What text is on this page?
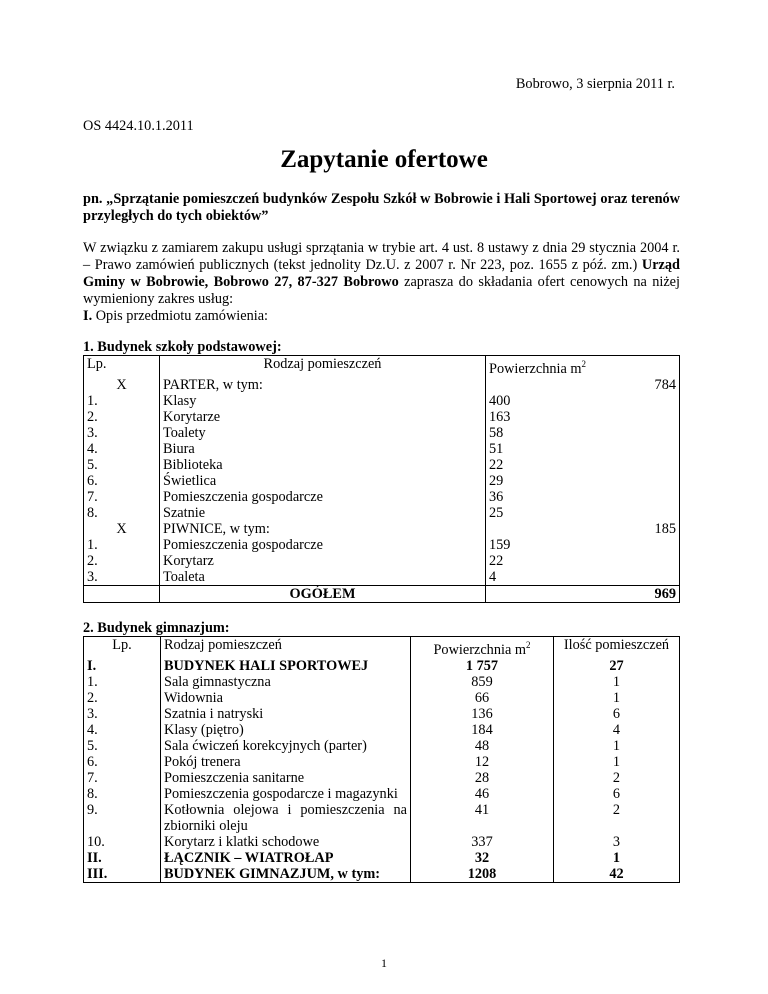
Bobrowo, 3 sierpnia 2011 r.
OS 4424.10.1.2011
Zapytanie ofertowe
pn. „Sprzątanie pomieszczeń budynków Zespołu Szkół w Bobrowie i Hali Sportowej oraz terenów przyległych do tych obiektów”
W związku z zamiarem zakupu usługi sprzątania w trybie art. 4 ust. 8 ustawy z dnia 29 stycznia 2004 r. – Prawo zamówień publicznych (tekst jednolity Dz.U. z 2007 r. Nr 223, poz. 1655 z póź. zm.) Urząd Gminy w Bobrowie, Bobrowo 27, 87-327 Bobrowo zaprasza do składania ofert cenowych na niżej wymieniony zakres usług:
I. Opis przedmiotu zamówienia:
1. Budynek szkoły podstawowej:
Lp.	Rodzaj pomieszczeń	Powierzchnia $m^2$
X	PARTER, w tym:	784
1.	Klasy	400
2.	Korytarze	163
3.	Toalety	58
4.	Biura	51
5.	Biblioteka	22
6.	Świetlica	29
7.	Pomieszczenia gospodarcze	36
8.	Szatnie	25
X	PIWNICE, w tym:	185
1.	Pomieszczenia gospodarcze	159
2.	Korytarz	22
3.	Toaleta	4
	OGÓŁEM	969
2. Budynek gimnazjum:
Lp.	Rodzaj pomieszczeń	Powierzchnia $m^2$	Ilość pomieszczeń
I.	BUDYNEK HALI SPORTOWEJ	1 757	27
1.	Sala gimnastyczna	859	1
2.	Widownia	66	1
3.	Szatnia i natryski	136	6
4.	Klasy (piętro)	184	4
5.	Sala ćwiczeń korekcyjnych (parter)	48	1
6.	Pokój trenera	12	1
7.	Pomieszczenia sanitarne	28	2
8.	Pomieszczenia gospodarcze i magazynki	46	6
9.	Kotłownia olejowa i pomieszczenia na zbiorniki oleju	41	2
10.	Korytarz i klatki schodowe	337	3
II.	ŁĄCZNIK – WIATROŁAP	32	1
III.	BUDYNEK GIMNAZJUM, w tym:	1208	42
1
